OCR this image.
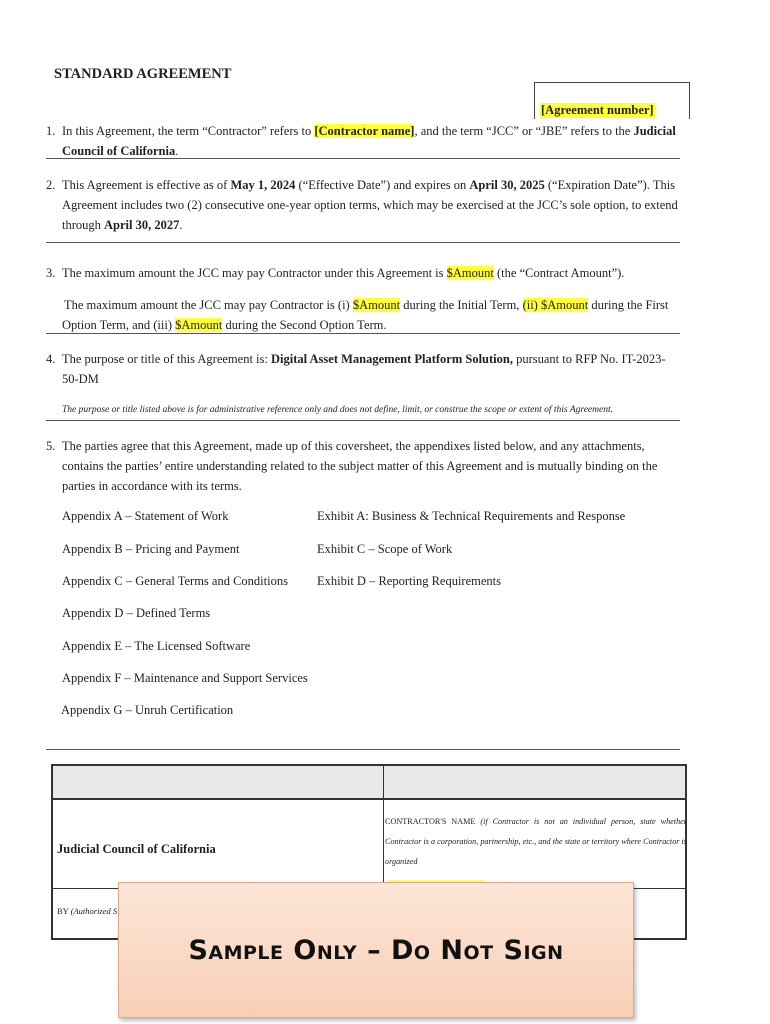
STANDARD AGREEMENT
[Agreement number]
1. In this Agreement, the term “Contractor” refers to [Contractor name], and the term “JCC” or “JBE” refers to the Judicial Council of California.
2. This Agreement is effective as of May 1, 2024 (“Effective Date”) and expires on April 30, 2025 (“Expiration Date”). This Agreement includes two (2) consecutive one-year option terms, which may be exercised at the JCC’s sole option, to extend through April 30, 2027.
3. The maximum amount the JCC may pay Contractor under this Agreement is $Amount (the “Contract Amount”).
The maximum amount the JCC may pay Contractor is (i) $Amount during the Initial Term, (ii) $Amount during the First Option Term, and (iii) $Amount during the Second Option Term.
4. The purpose or title of this Agreement is: Digital Asset Management Platform Solution, pursuant to RFP No. IT-2023-50-DM
The purpose or title listed above is for administrative reference only and does not define, limit, or construe the scope or extent of this Agreement.
5. The parties agree that this Agreement, made up of this coversheet, the appendixes listed below, and any attachments, contains the parties’ entire understanding related to the subject matter of this Agreement and is mutually binding on the parties in accordance with its terms.
Appendix A – Statement of Work
Appendix B – Pricing and Payment
Appendix C – General Terms and Conditions
Appendix D – Defined Terms
Appendix E – The Licensed Software
Appendix F – Maintenance and Support Services
Appendix G – Unruh Certification
Exhibit A: Business & Technical Requirements and Response
Exhibit C – Scope of Work
Exhibit D – Reporting Requirements
Judicial Council of California
CONTRACTOR'S NAME (if Contractor is not an individual person, state whether Contractor is a corporation, partnership, etc., and the state or territory where Contractor is organized
BY (Authorized S
Sample Only – Do Not Sign
